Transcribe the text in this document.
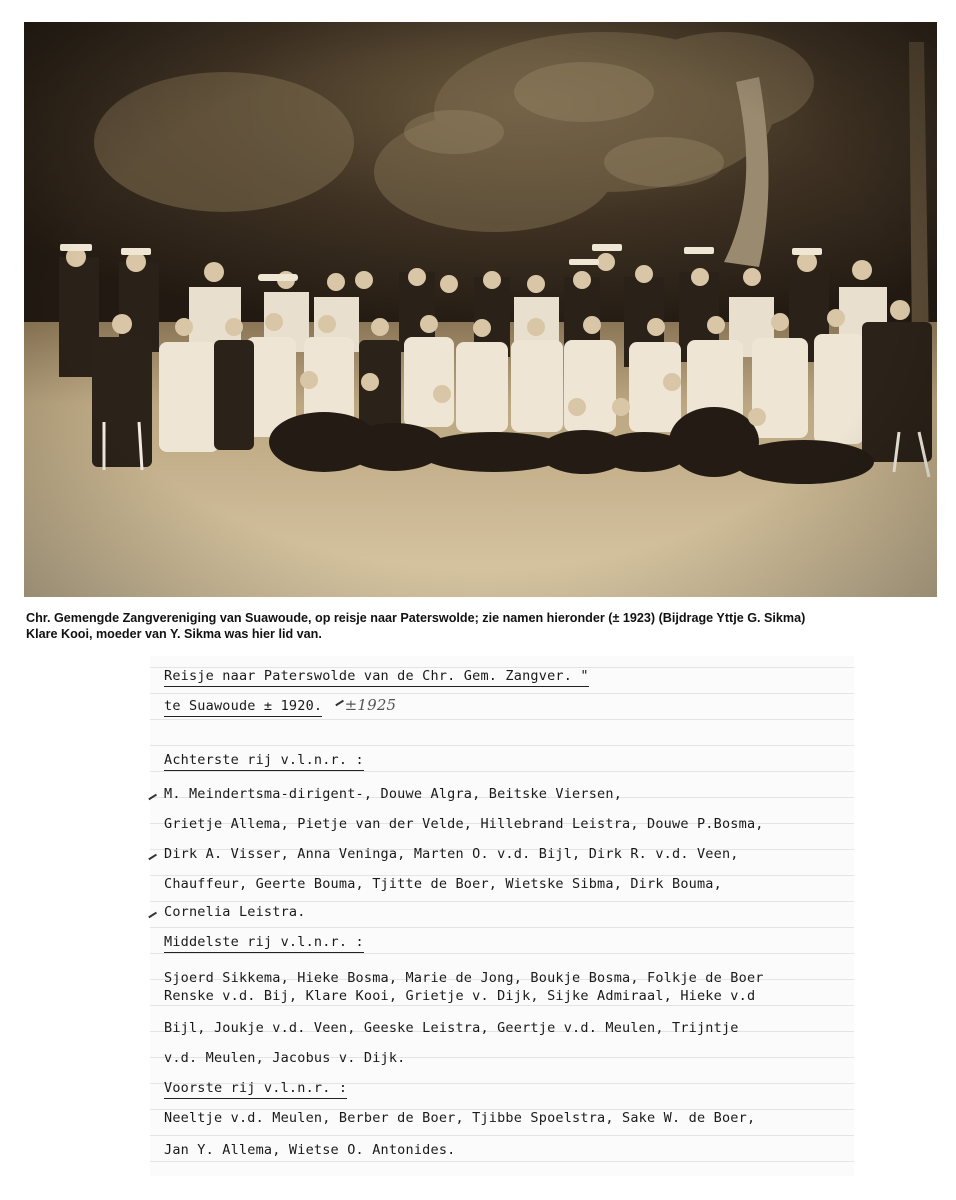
Chr. Gemengde Zangvereniging van Suawoude, op reisje naar Paterswolde; zie namen hieronder (± 1923) (Bijdrage Yttje G. Sikma)
Klare Kooi, moeder van Y. Sikma was hier lid van.
Reisje naar Paterswolde van de Chr. Gem. Zangver. "
te Suawoude ± 1920. ±1925
Achterste rij v.l.n.r. :
M. Meindertsma-dirigent-, Douwe Algra, Beitske Viersen,
Grietje Allema, Pietje van der Velde, Hillebrand Leistra, Douwe P.Bosma,
Dirk A. Visser, Anna Veninga, Marten O. v.d. Bijl, Dirk R. v.d. Veen,
Chauffeur, Geerte Bouma, Tjitte de Boer, Wietske Sibma, Dirk Bouma,
Cornelia Leistra.
Middelste rij v.l.n.r. :
Sjoerd Sikkema, Hieke Bosma, Marie de Jong, Boukje Bosma, Folkje de Boer
Renske v.d. Bij, Klare Kooi, Grietje v. Dijk, Sijke Admiraal, Hieke v.d
Bijl, Joukje v.d. Veen, Geeske Leistra, Geertje v.d. Meulen, Trijntje
v.d. Meulen, Jacobus v. Dijk.
Voorste rij v.l.n.r. :
Neeltje v.d. Meulen, Berber de Boer, Tjibbe Spoelstra, Sake W. de Boer,
Jan Y. Allema, Wietse O. Antonides.
